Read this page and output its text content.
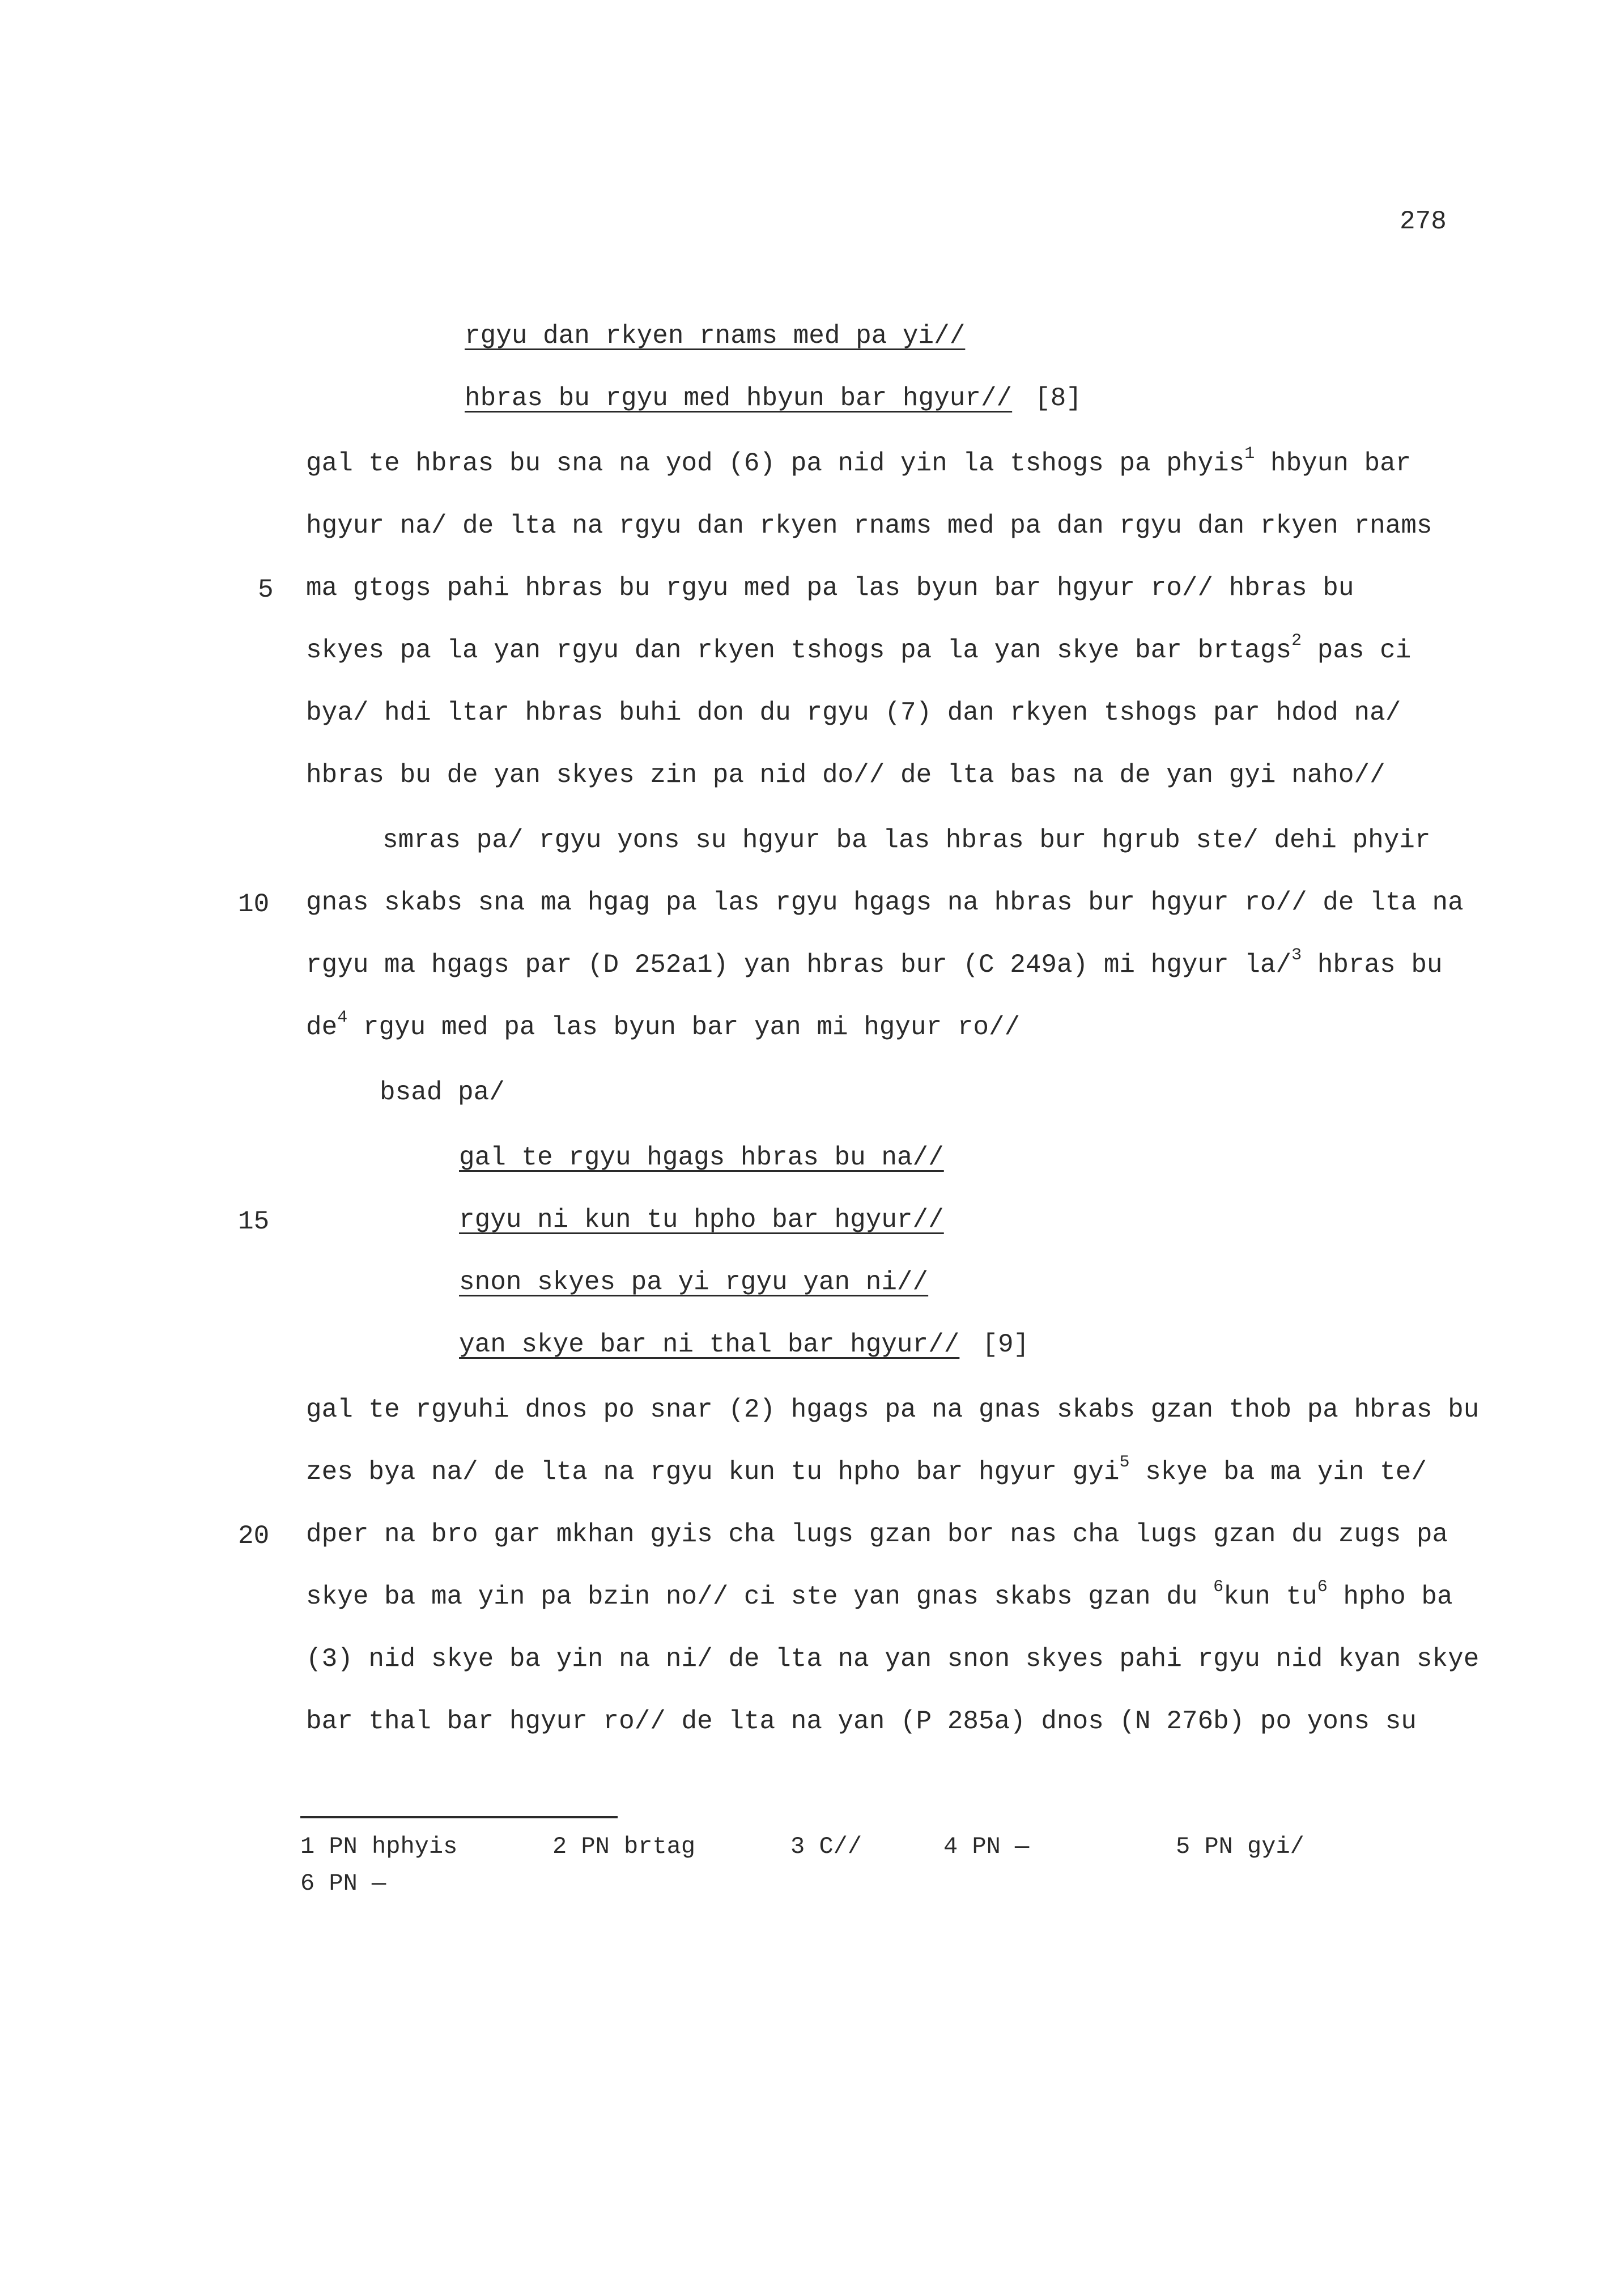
278
rgyu dan rkyen rnams med pa yi//
hbras bu rgyu med hbyun bar hgyur// [8]
gal te hbras bu sna na yod (6) pa nid yin la tshogs pa phyis$^1$ hbyun bar
hgyur na/ de lta na rgyu dan rkyen rnams med pa dan rgyu dan rkyen rnams
5 ma gtogs pahi hbras bu rgyu med pa las byun bar hgyur ro// hbras bu
skyes pa la yan rgyu dan rkyen tshogs pa la yan skye bar brtags$^2$ pas ci
bya/ hdi ltar hbras buhi don du rgyu (7) dan rkyen tshogs par hdod na/
hbras bu de yan skyes zin pa nid do// de lta bas na de yan gyi naho//
smras pa/ rgyu yons su hgyur ba las hbras bur hgrub ste/ dehi phyir
10 gnas skabs sna ma hgag pa las rgyu hgags na hbras bur hgyur ro// de lta na
rgyu ma hgags par (D 252a1) yan hbras bur (C 249a) mi hgyur la/$^3$ hbras bu
$de^4$ rgyu med pa las byun bar yan mi hgyur ro//
bsad pa/
gal te rgyu hgags hbras bu na//
15	rgyu ni kun tu hpho bar hgyur//
snon skyes pa yi rgyu yan ni//
yan skye bar ni thal bar hgyur// [9]
gal te rgyuhi dnos po snar (2) hgags pa na gnas skabs gzan thob pa hbras bu
zes bya na/ de lta na rgyu kun tu hpho bar hgyur gyi$^5$ skye ba ma yin te/
20 dper na bro gar mkhan gyis cha lugs gzan bor nas cha lugs gzan du zugs pa
skye ba ma yin pa bzin no// ci ste yan gnas skabs gzan du $^6$kun $tu^6$ hpho ba
(3) nid skye ba yin na ni/ de lta na yan snon skyes pahi rgyu nid kyan skye
bar thal bar hgyur ro// de lta na yan (P 285a) dnos (N 276b) po yons su
1 PN hphyis	2 PN brtag	3 C//	4 PN —	5 PN gyi/
6 PN —
